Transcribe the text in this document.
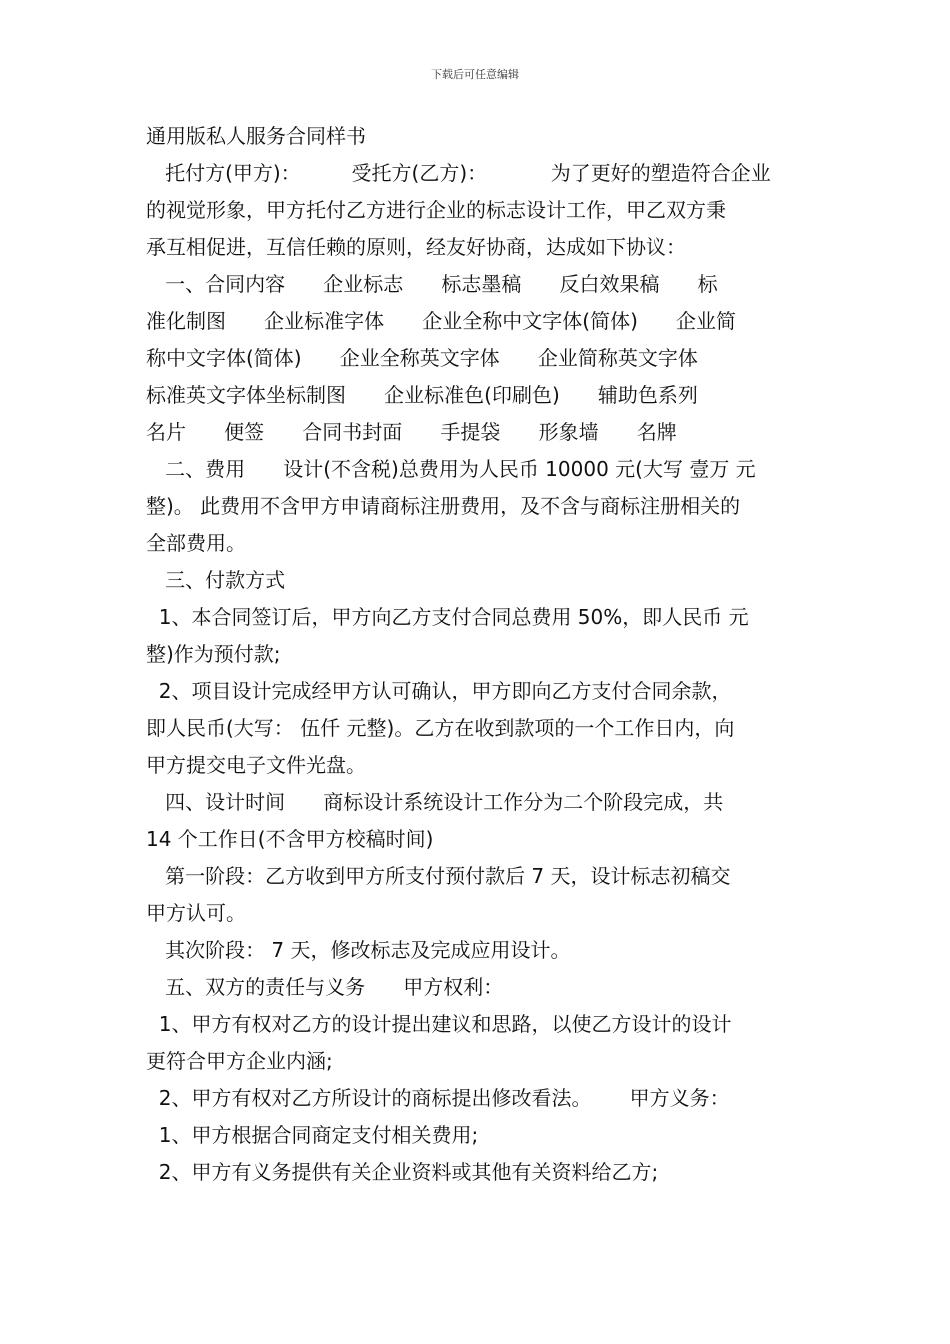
下载后可任意编辑
通用版私人服务合同样书
托付方(甲方)：        受托方(乙方)：          为了更好的塑造符合企业
的视觉形象，甲方托付乙方进行企业的标志设计工作，甲乙双方秉
承互相促进，互信任赖的原则，经友好协商，达成如下协议：
一、合同内容      企业标志      标志墨稿      反白效果稿      标
准化制图      企业标准字体      企业全称中文字体(简体)      企业简
称中文字体(简体)      企业全称英文字体      企业简称英文字体
标准英文字体坐标制图      企业标准色(印刷色)      辅助色系列
名片      便签      合同书封面      手提袋      形象墙      名牌
二、费用      设计(不含税)总费用为人民币 10000 元(大写 壹万 元
整)。 此费用不含甲方申请商标注册费用，及不含与商标注册相关的
全部费用。
三、付款方式
1、本合同签订后，甲方向乙方支付合同总费用 50%，即人民币 元
整)作为预付款;
2、项目设计完成经甲方认可确认，甲方即向乙方支付合同余款，
即人民币(大写： 伍仟 元整)。乙方在收到款项的一个工作日内，向
甲方提交电子文件光盘。
四、设计时间      商标设计系统设计工作分为二个阶段完成，共
14 个工作日(不含甲方校稿时间)
第一阶段：乙方收到甲方所支付预付款后 7 天，设计标志初稿交
甲方认可。
其次阶段： 7 天，修改标志及完成应用设计。
五、双方的责任与义务      甲方权利：
1、甲方有权对乙方的设计提出建议和思路，以使乙方设计的设计
更符合甲方企业内涵;
2、甲方有权对乙方所设计的商标提出修改看法。      甲方义务：
1、甲方根据合同商定支付相关费用;
2、甲方有义务提供有关企业资料或其他有关资料给乙方;
